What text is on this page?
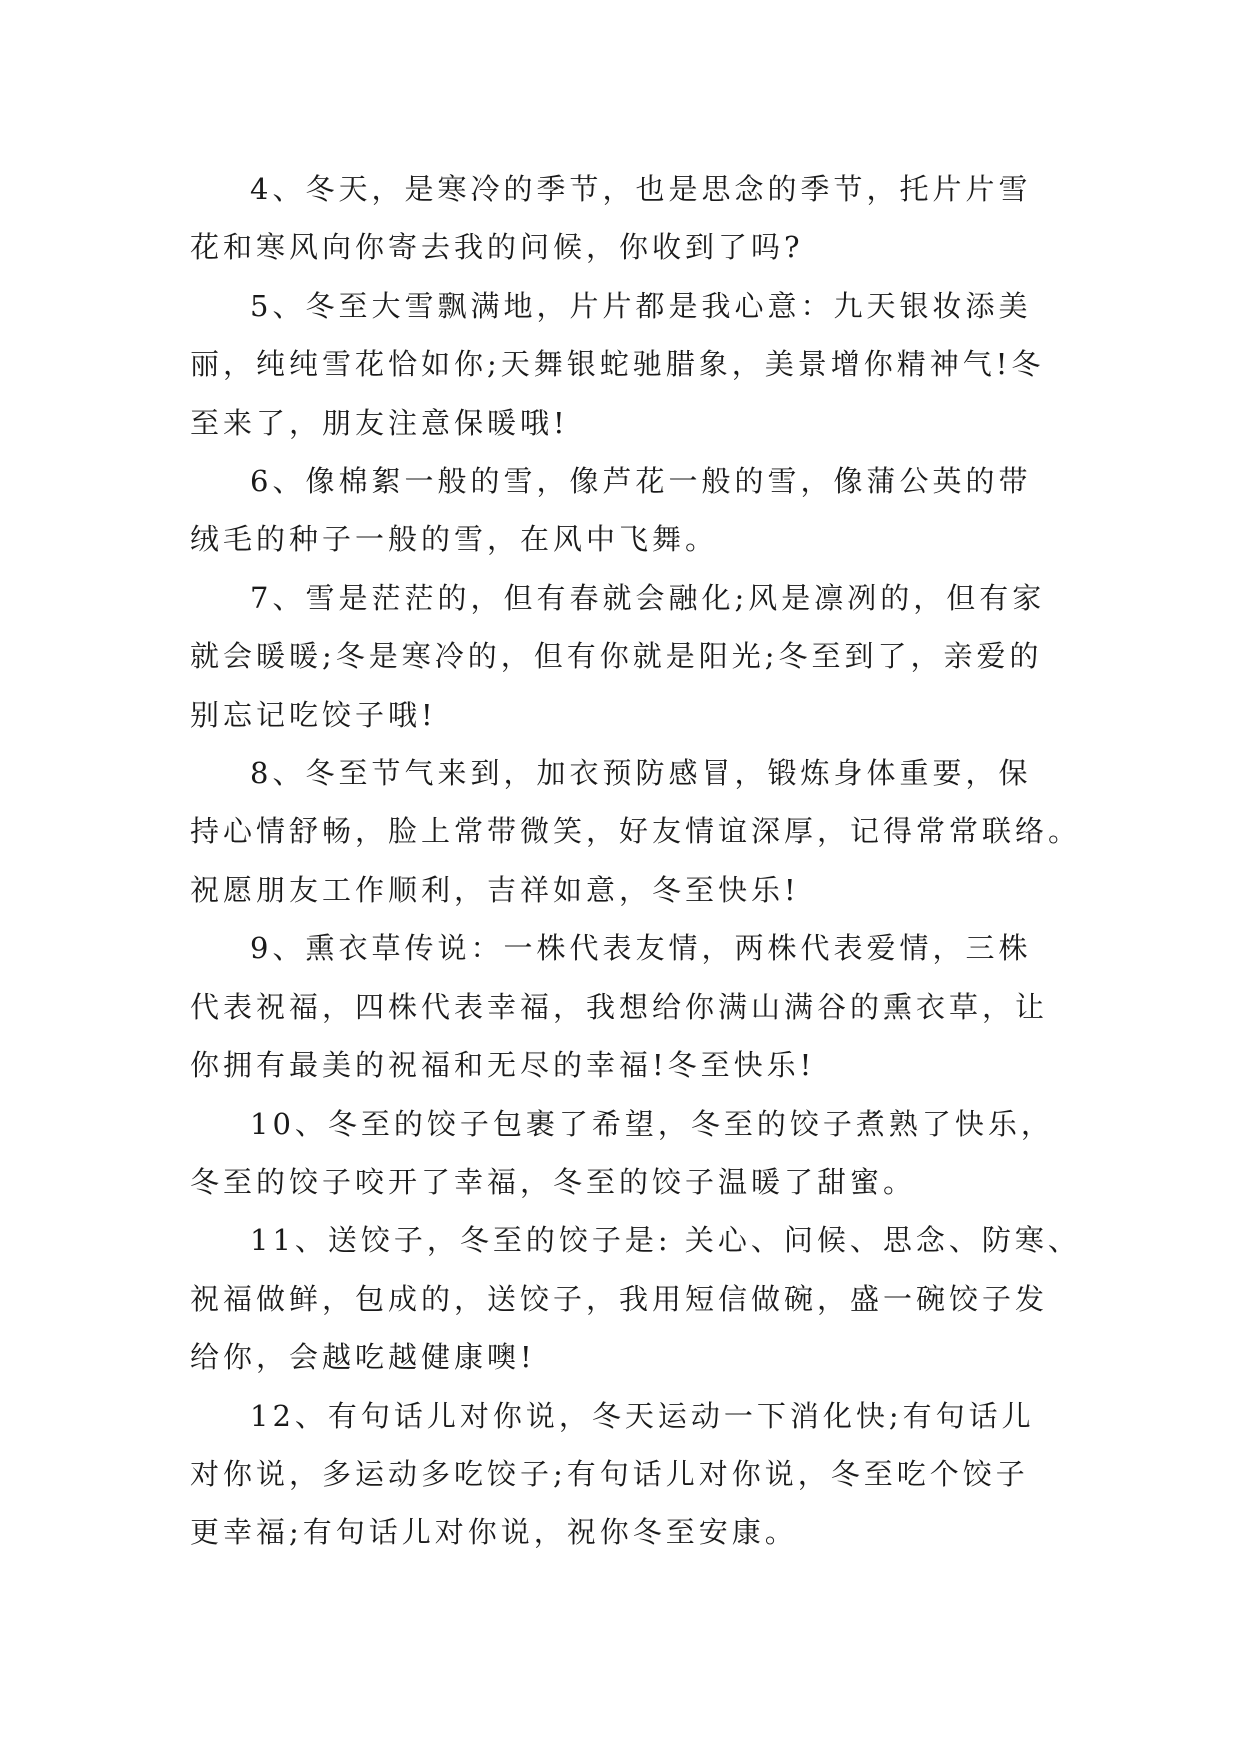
4、冬天，是寒冷的季节，也是思念的季节，托片片雪
花和寒风向你寄去我的问候，你收到了吗?

5、冬至大雪飘满地，片片都是我心意：九天银妆添美
丽，纯纯雪花恰如你;天舞银蛇驰腊象，美景增你精神气!冬
至来了，朋友注意保暖哦!

6、像棉絮一般的雪，像芦花一般的雪，像蒲公英的带
绒毛的种子一般的雪，在风中飞舞。

7、雪是茫茫的，但有春就会融化;风是凛冽的，但有家
就会暖暖;冬是寒冷的，但有你就是阳光;冬至到了，亲爱的
别忘记吃饺子哦!

8、冬至节气来到，加衣预防感冒，锻炼身体重要，保
持心情舒畅，脸上常带微笑，好友情谊深厚，记得常常联络。
祝愿朋友工作顺利，吉祥如意，冬至快乐!

9、熏衣草传说：一株代表友情，两株代表爱情，三株
代表祝福，四株代表幸福，我想给你满山满谷的熏衣草，让
你拥有最美的祝福和无尽的幸福!冬至快乐!

10、冬至的饺子包裹了希望，冬至的饺子煮熟了快乐，
冬至的饺子咬开了幸福，冬至的饺子温暖了甜蜜。

11、送饺子，冬至的饺子是: 关心、问候、思念、防寒、
祝福做鲜，包成的，送饺子，我用短信做碗，盛一碗饺子发
给你，会越吃越健康噢!

12、有句话儿对你说，冬天运动一下消化快;有句话儿
对你说，多运动多吃饺子;有句话儿对你说，冬至吃个饺子
更幸福;有句话儿对你说，祝你冬至安康。
